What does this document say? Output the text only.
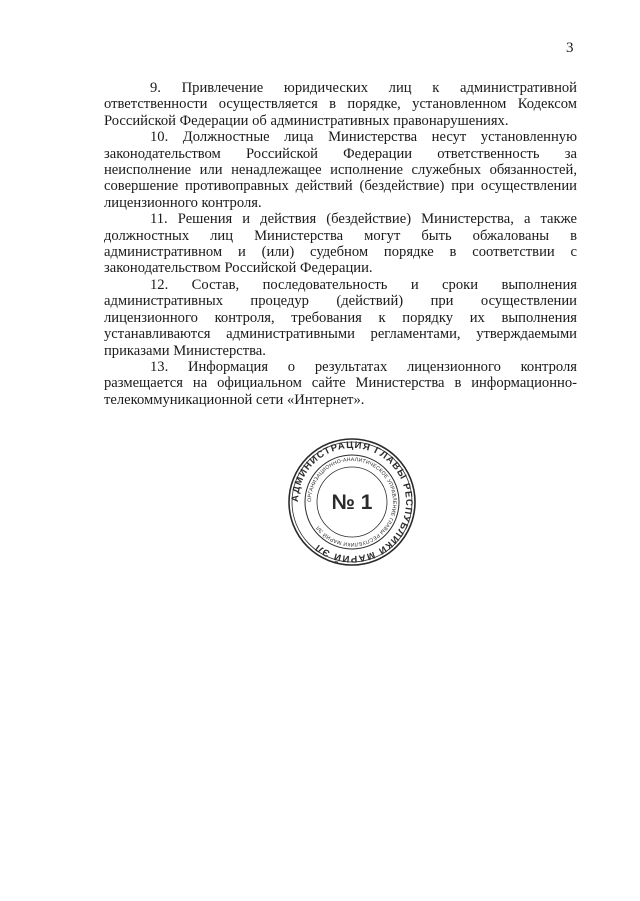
3

9. Привлечение юридических лиц к административной ответственности осуществляется в порядке, установленном Кодексом Российской Федерации об административных правонарушениях.

10. Должностные лица Министерства несут установленную законодательством Российской Федерации ответственность за неисполнение или ненадлежащее исполнение служебных обязанностей, совершение противоправных действий (бездействие) при осуществлении лицензионного контроля.

11. Решения и действия (бездействие) Министерства, а также должностных лиц Министерства могут быть обжалованы в административном и (или) судебном порядке в соответствии с законодательством Российской Федерации.

12. Состав, последовательность и сроки выполнения административных процедур (действий) при осуществлении лицензионного контроля, требования к порядку их выполнения устанавливаются административными регламентами, утверждаемыми приказами Министерства.

13. Информация о результатах лицензионного контроля размещается на официальном сайте Министерства в информационно-телекоммуникационной сети «Интернет».

АДМИНИСТРАЦИЯ ГЛАВЫ РЕСПУБЛИКИ МАРИЙ ЭЛ
ОРГАНИЗАЦИОННО-АНАЛИТИЧЕСКОЕ УПРАВЛЕНИЕ ГЛАВЫ РЕСПУБЛИКИ МАРИЙ ЭЛ
№ 1
